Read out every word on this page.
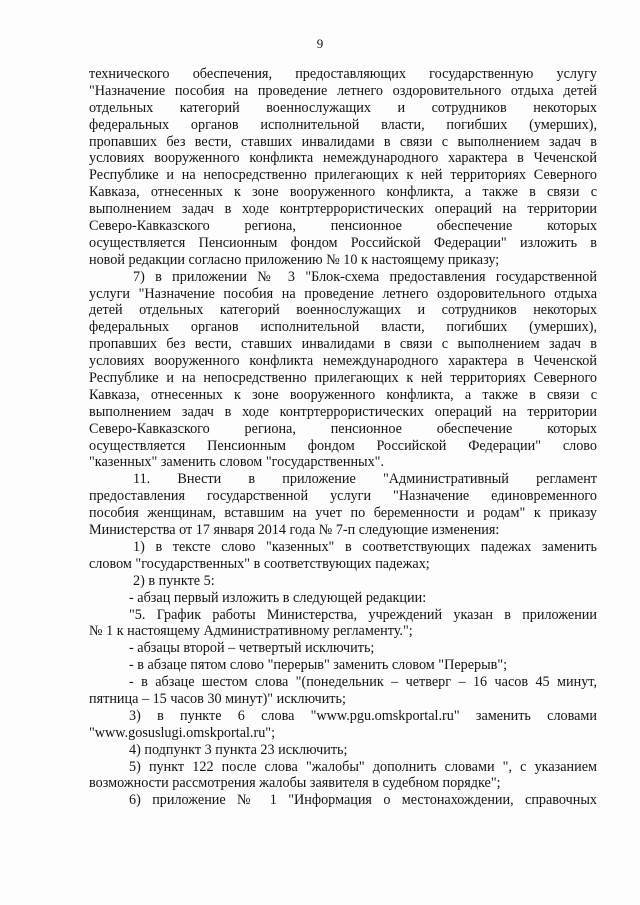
9
технического обеспечения, предоставляющих государственную услугу
"Назначение пособия на проведение летнего оздоровительного отдыха детей
отдельных категорий военнослужащих и сотрудников некоторых
федеральных органов исполнительной власти, погибших (умерших),
пропавших без вести, ставших инвалидами в связи с выполнением задач в
условиях вооруженного конфликта немеждународного характера в Чеченской
Республике и на непосредственно прилегающих к ней территориях Северного
Кавказа, отнесенных к зоне вооруженного конфликта, а также в связи с
выполнением задач в ходе контртеррористических операций на территории
Северо-Кавказского региона, пенсионное обеспечение которых
осуществляется Пенсионным фондом Российской Федерации" изложить в
новой редакции согласно приложению № 10 к настоящему приказу;
7) в приложении № 3 "Блок-схема предоставления государственной
услуги "Назначение пособия на проведение летнего оздоровительного отдыха
детей отдельных категорий военнослужащих и сотрудников некоторых
федеральных органов исполнительной власти, погибших (умерших),
пропавших без вести, ставших инвалидами в связи с выполнением задач в
условиях вооруженного конфликта немеждународного характера в Чеченской
Республике и на непосредственно прилегающих к ней территориях Северного
Кавказа, отнесенных к зоне вооруженного конфликта, а также в связи с
выполнением задач в ходе контртеррористических операций на территории
Северо-Кавказского региона, пенсионное обеспечение которых
осуществляется Пенсионным фондом Российской Федерации" слово
"казенных" заменить словом "государственных".
11. Внести в приложение "Административный регламент
предоставления государственной услуги "Назначение единовременного
пособия женщинам, вставшим на учет по беременности и родам" к приказу
Министерства от 17 января 2014 года № 7-п следующие изменения:
1) в тексте слово "казенных" в соответствующих падежах заменить
словом "государственных" в соответствующих падежах;
2) в пункте 5:
- абзац первый изложить в следующей редакции:
"5. График работы Министерства, учреждений указан в приложении
№ 1 к настоящему Административному регламенту.";
- абзацы второй – четвертый исключить;
- в абзаце пятом слово "перерыв" заменить словом "Перерыв";
- в абзаце шестом слова "(понедельник – четверг – 16 часов 45 минут,
пятница – 15 часов 30 минут)" исключить;
3) в пункте 6 слова "www.pgu.omskportal.ru" заменить словами
"www.gosuslugi.omskportal.ru";
4) подпункт 3 пункта 23 исключить;
5) пункт 122 после слова "жалобы" дополнить словами ", с указанием
возможности рассмотрения жалобы заявителя в судебном порядке";
6) приложение № 1 "Информация о местонахождении, справочных
